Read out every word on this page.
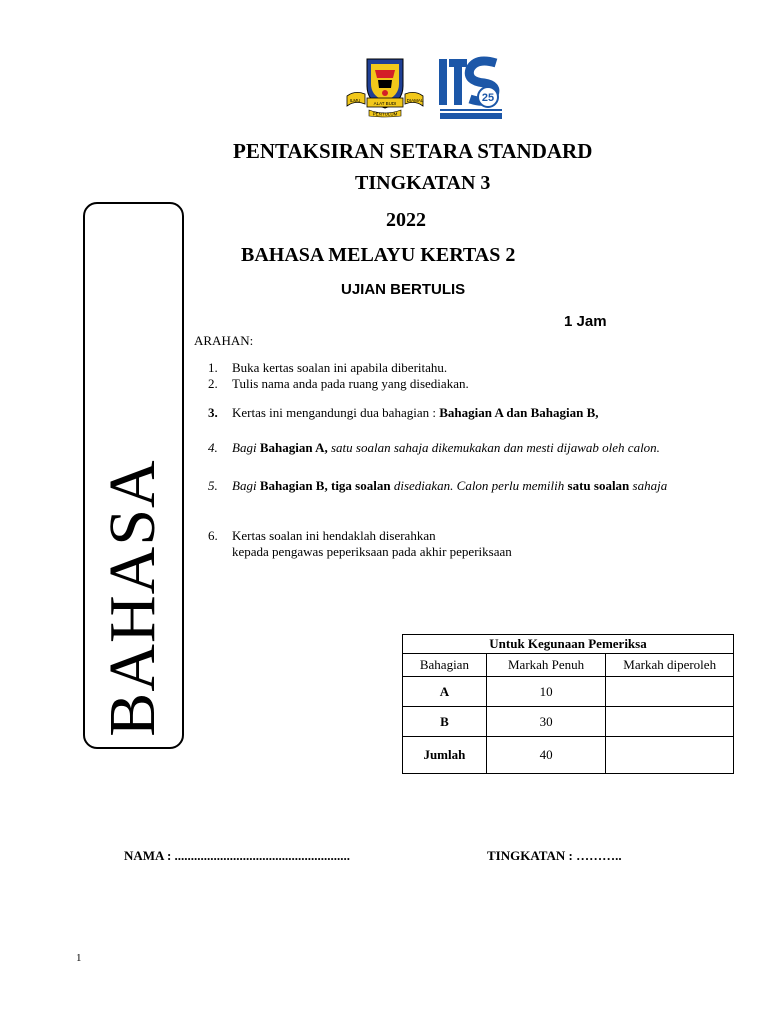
ILMU
ALAT BUDI
DIAMAL
PENTULUM
25
PENTAKSIRAN SETARA STANDARD
TINGKATAN 3
2022
BAHASA MELAYU KERTAS 2
UJIAN BERTULIS
1 Jam
ARAHAN:
1. Buka kertas soalan ini apabila diberitahu.
2. Tulis nama anda pada ruang yang disediakan.
3. Kertas ini mengandungi dua bahagian : Bahagian A dan Bahagian B,
4. Bagi Bahagian A, satu soalan sahaja dikemukakan dan mesti dijawab oleh calon.
5. Bagi Bahagian B, tiga soalan disediakan. Calon perlu memilih satu soalan sahaja
6. Kertas soalan ini hendaklah diserahkan
kepada pengawas peperiksaan pada akhir peperiksaan
BAHASA	Untuk Kegunaan Pemeriksa		
Bahagian	Markah Penuh	Markah diperoleh
A	10	
B	30	
Jumlah	40	
NAMA : ......................................................	TINGKATAN : ………..
1
